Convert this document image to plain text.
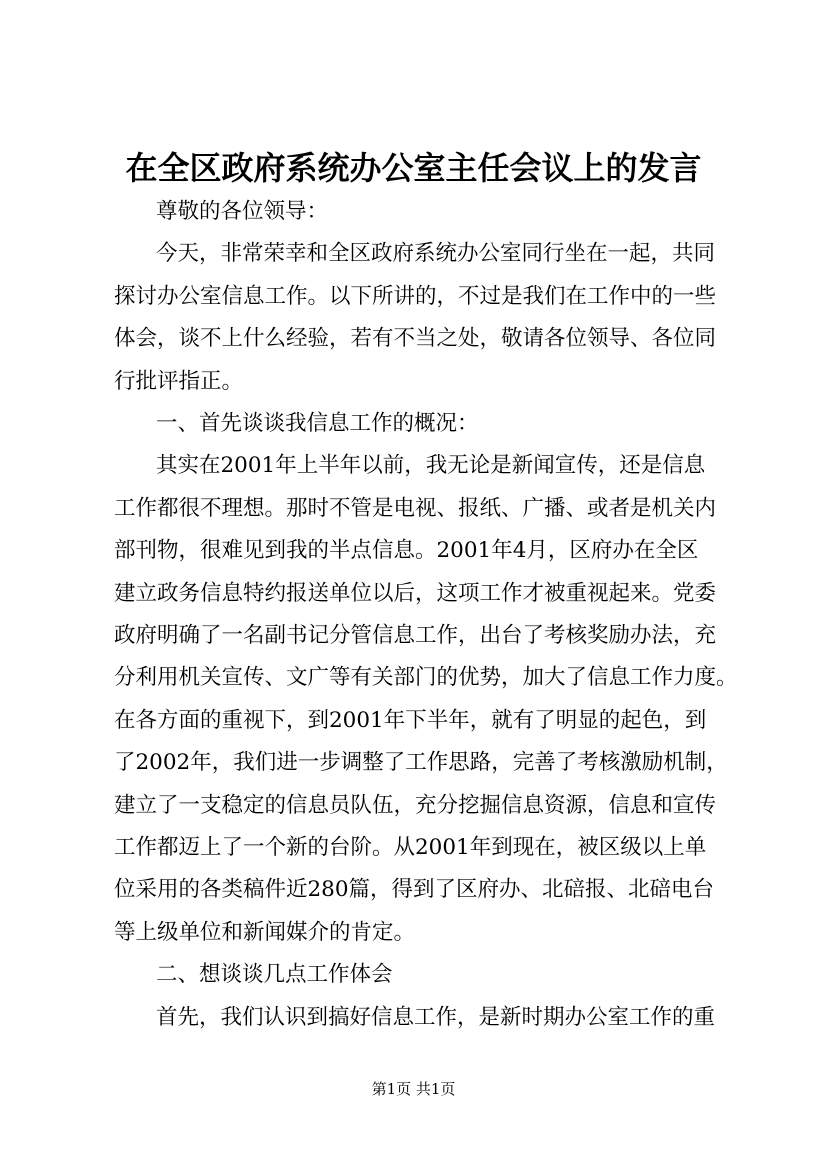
在全区政府系统办公室主任会议上的发言
尊敬的各位领导：
今天，非常荣幸和全区政府系统办公室同行坐在一起，共同
探讨办公室信息工作。以下所讲的，不过是我们在工作中的一些
体会，谈不上什么经验，若有不当之处，敬请各位领导、各位同
行批评指正。
一、首先谈谈我信息工作的概况：
其实在2001年上半年以前，我无论是新闻宣传，还是信息
工作都很不理想。那时不管是电视、报纸、广播、或者是机关内
部刊物，很难见到我的半点信息。2001年4月，区府办在全区
建立政务信息特约报送单位以后，这项工作才被重视起来。党委
政府明确了一名副书记分管信息工作，出台了考核奖励办法，充
分利用机关宣传、文广等有关部门的优势，加大了信息工作力度。
在各方面的重视下，到2001年下半年，就有了明显的起色，到
了2002年，我们进一步调整了工作思路，完善了考核激励机制，
建立了一支稳定的信息员队伍，充分挖掘信息资源，信息和宣传
工作都迈上了一个新的台阶。从2001年到现在，被区级以上单
位采用的各类稿件近280篇，得到了区府办、北碚报、北碚电台
等上级单位和新闻媒介的肯定。
二、想谈谈几点工作体会
首先，我们认识到搞好信息工作，是新时期办公室工作的重
第1页 共1页
